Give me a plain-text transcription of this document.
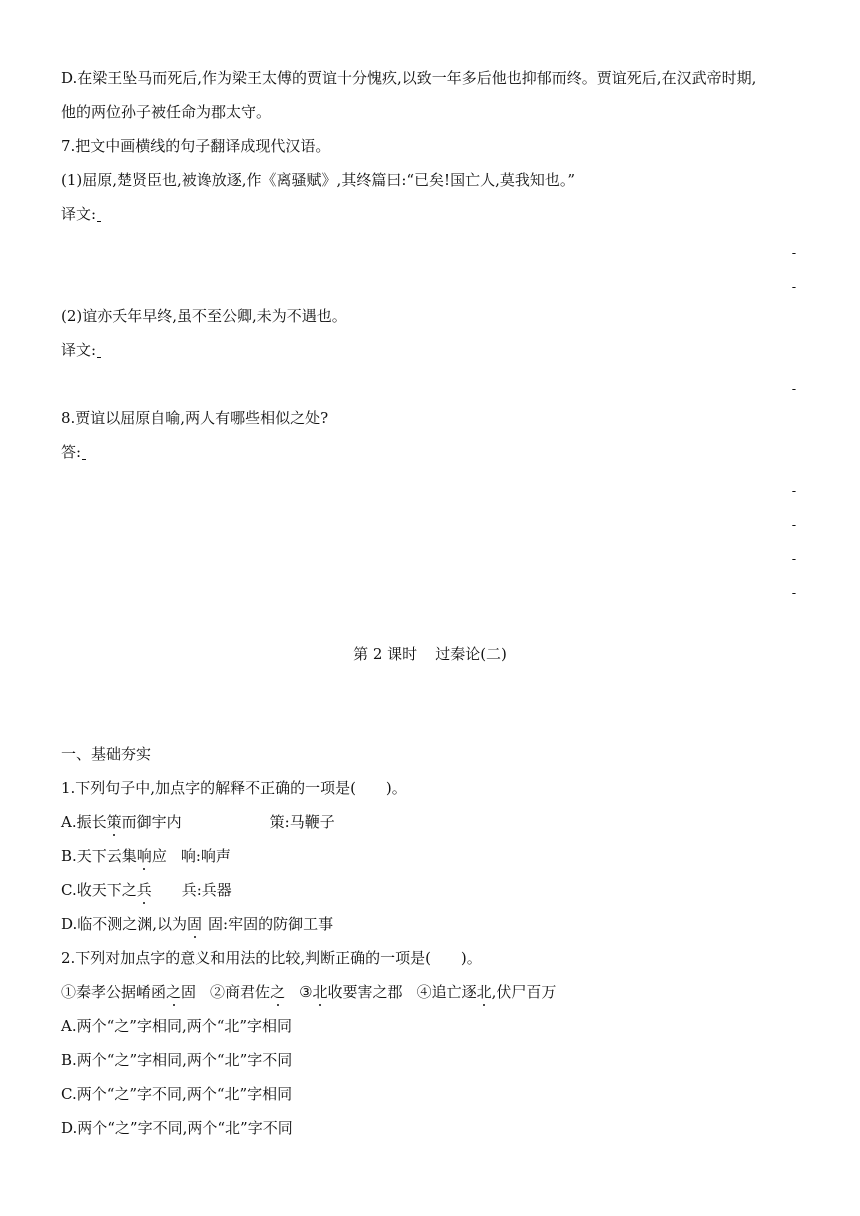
D.在梁王坠马而死后,作为梁王太傅的贾谊十分愧疚,以致一年多后他也抑郁而终。贾谊死后,在汉武帝时期,
他的两位孙子被任命为郡太守。
7.把文中画横线的句子翻译成现代汉语。
(1)屈原,楚贤臣也,被谗放逐,作《离骚赋》,其终篇曰:“已矣!国亡人,莫我知也。”
译文:
-
-
(2)谊亦夭年早终,虽不至公卿,未为不遇也。
译文:
-
8.贾谊以屈原自喻,两人有哪些相似之处?
答:
-
-
-
-
第 2 课时 过秦论(二)
一、基础夯实
1.下列句子中,加点字的解释不正确的一项是(　　)。
A.振长策而御宇内	策:马鞭子
B.天下云集响应 响:响声
C.收天下之兵 兵:兵器
D.临不测之渊,以为固 固:牢固的防御工事
2.下列对加点字的意义和用法的比较,判断正确的一项是(　　)。
①秦孝公据崤函之固 ②商君佐之 ③北收要害之郡 ④追亡逐北,伏尸百万
A.两个“之”字相同,两个“北”字相同
B.两个“之”字相同,两个“北”字不同
C.两个“之”字不同,两个“北”字相同
D.两个“之”字不同,两个“北”字不同
